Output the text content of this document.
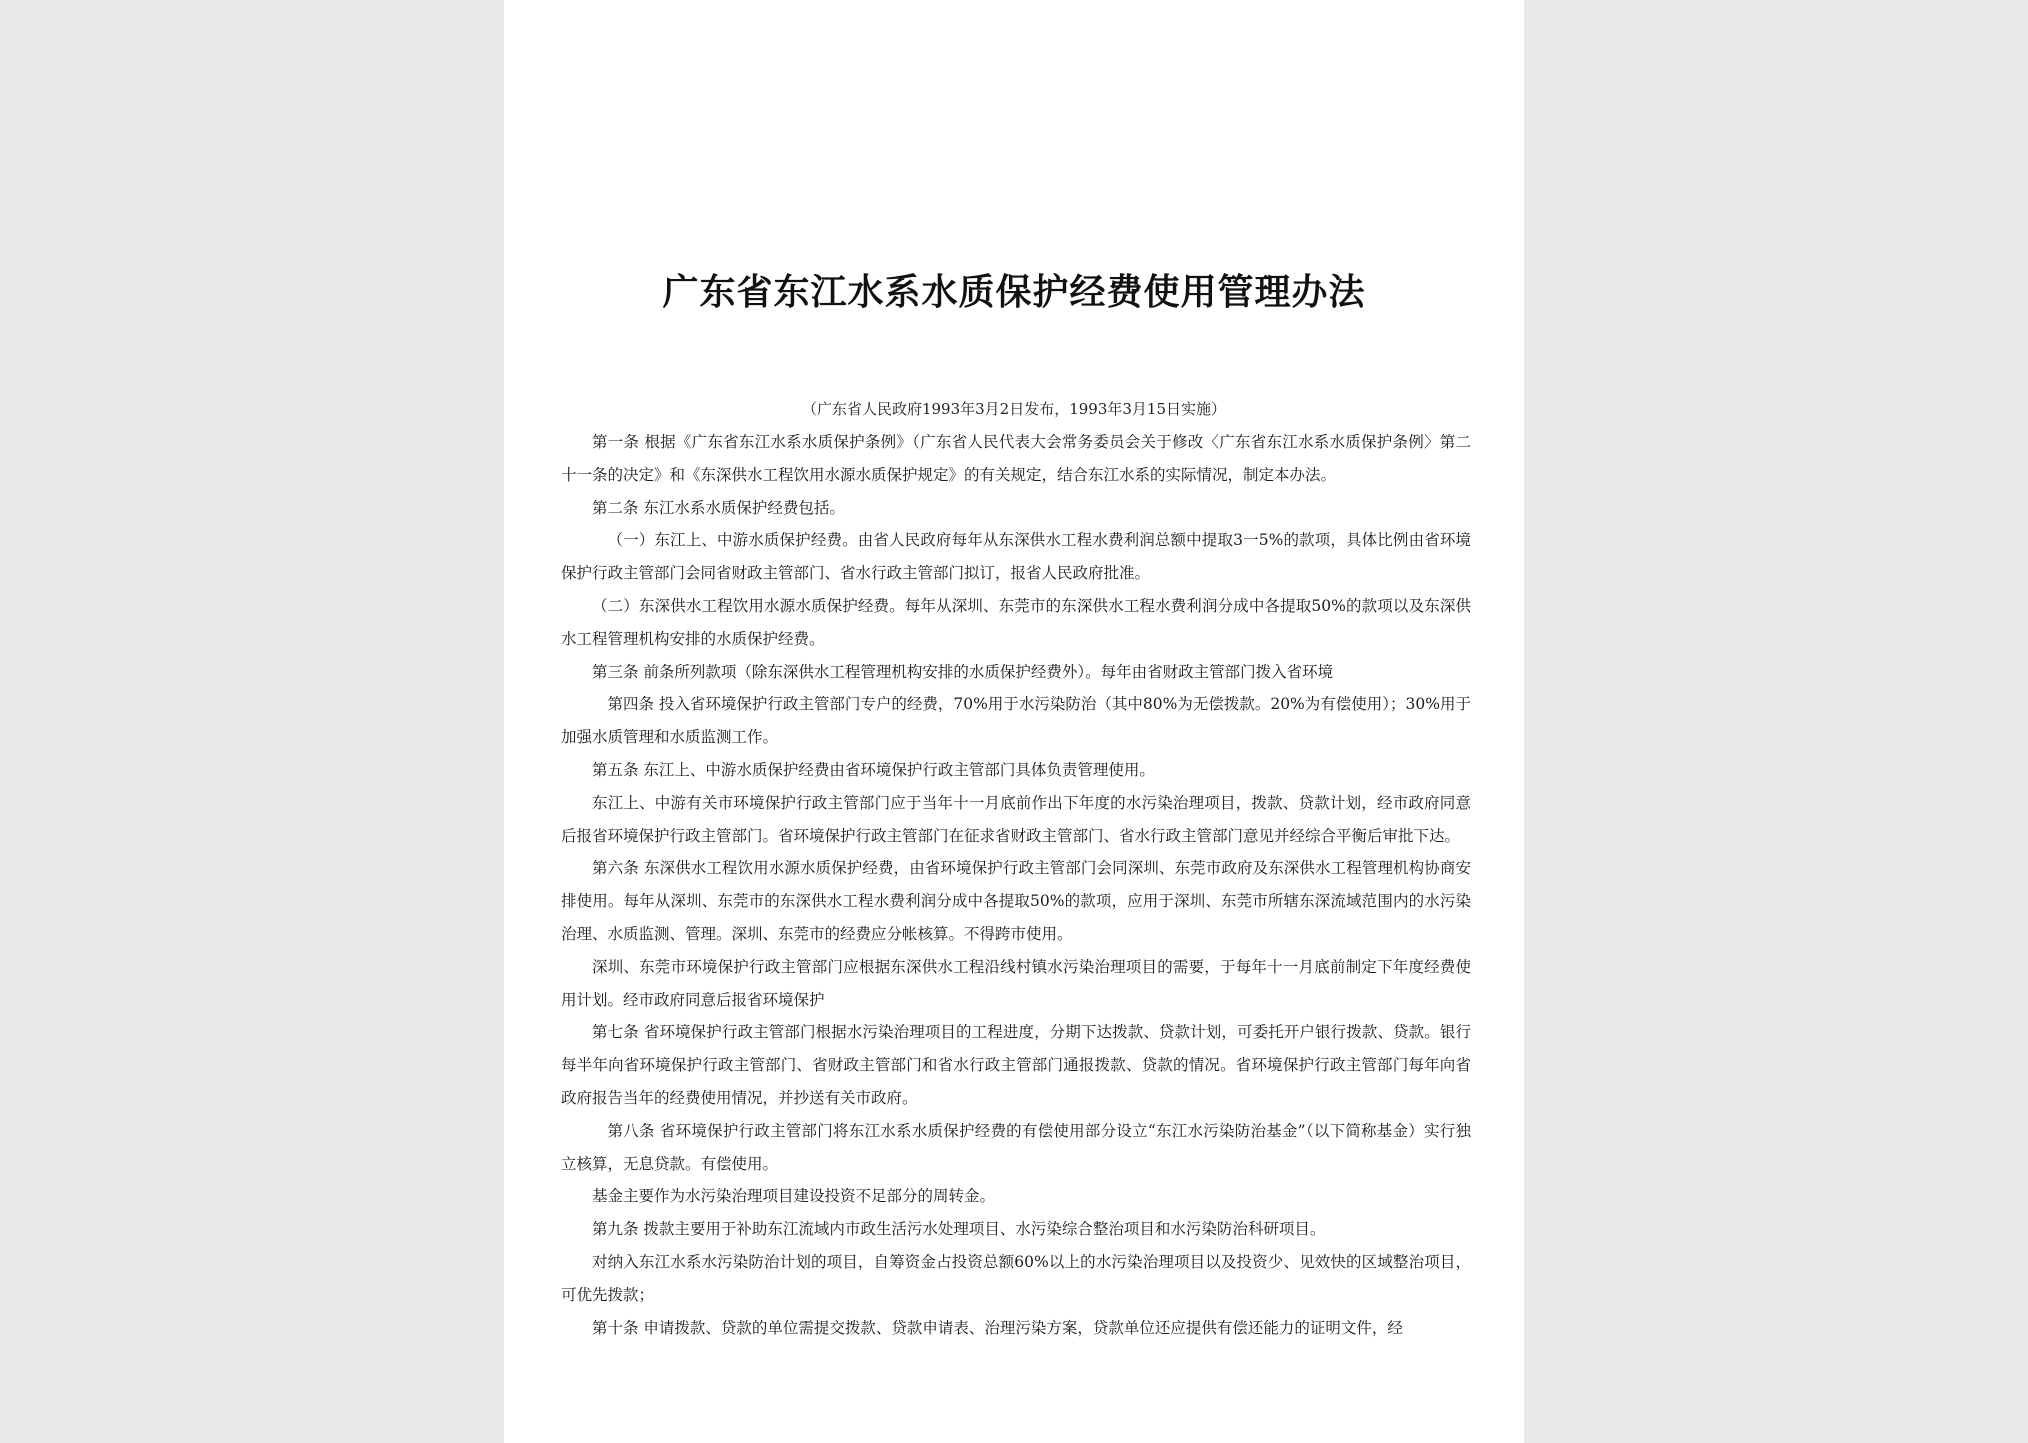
广东省东江水系水质保护经费使用管理办法
（广东省人民政府1993年3月2日发布，1993年3月15日实施）

第一条 根据《广东省东江水系水质保护条例》（广东省人民代表大会常务委员会关于修改〈广东省东江水系水质保护条例〉第二十一条的决定》和《东深供水工程饮用水源水质保护规定》的有关规定，结合东江水系的实际情况，制定本办法。

第二条 东江水系水质保护经费包括。

（一）东江上、中游水质保护经费。由省人民政府每年从东深供水工程水费利润总额中提取3一5%的款项，具体比例由省环境保护行政主管部门会同省财政主管部门、省水行政主管部门拟订，报省人民政府批准。

（二）东深供水工程饮用水源水质保护经费。每年从深圳、东莞市的东深供水工程水费利润分成中各提取50%的款项以及东深供水工程管理机构安排的水质保护经费。

第三条 前条所列款项（除东深供水工程管理机构安排的水质保护经费外）。每年由省财政主管部门拨入省环境

第四条 投入省环境保护行政主管部门专户的经费，70%用于水污染防治（其中80%为无偿拨款。20%为有偿使用）；30%用于加强水质管理和水质监测工作。

第五条 东江上、中游水质保护经费由省环境保护行政主管部门具体负责管理使用。

东江上、中游有关市环境保护行政主管部门应于当年十一月底前作出下年度的水污染治理项目，拨款、贷款计划，经市政府同意后报省环境保护行政主管部门。省环境保护行政主管部门在征求省财政主管部门、省水行政主管部门意见并经综合平衡后审批下达。

第六条 东深供水工程饮用水源水质保护经费，由省环境保护行政主管部门会同深圳、东莞市政府及东深供水工程管理机构协商安排使用。每年从深圳、东莞市的东深供水工程水费利润分成中各提取50%的款项，应用于深圳、东莞市所辖东深流域范围内的水污染治理、水质监测、管理。深圳、东莞市的经费应分帐核算。不得跨市使用。

深圳、东莞市环境保护行政主管部门应根据东深供水工程沿线村镇水污染治理项目的需要，于每年十一月底前制定下年度经费使用计划。经市政府同意后报省环境保护

第七条 省环境保护行政主管部门根据水污染治理项目的工程进度，分期下达拨款、贷款计划，可委托开户银行拨款、贷款。银行每半年向省环境保护行政主管部门、省财政主管部门和省水行政主管部门通报拨款、贷款的情况。省环境保护行政主管部门每年向省政府报告当年的经费使用情况，并抄送有关市政府。

第八条 省环境保护行政主管部门将东江水系水质保护经费的有偿使用部分设立“东江水污染防治基金”（以下简称基金）实行独立核算，无息贷款。有偿使用。

基金主要作为水污染治理项目建设投资不足部分的周转金。

第九条 拨款主要用于补助东江流域内市政生活污水处理项目、水污染综合整治项目和水污染防治科研项目。

对纳入东江水系水污染防治计划的项目，自筹资金占投资总额60%以上的水污染治理项目以及投资少、见效快的区域整治项目，可优先拨款；

第十条 申请拨款、贷款的单位需提交拨款、贷款申请表、治理污染方案，贷款单位还应提供有偿还能力的证明文件，经
